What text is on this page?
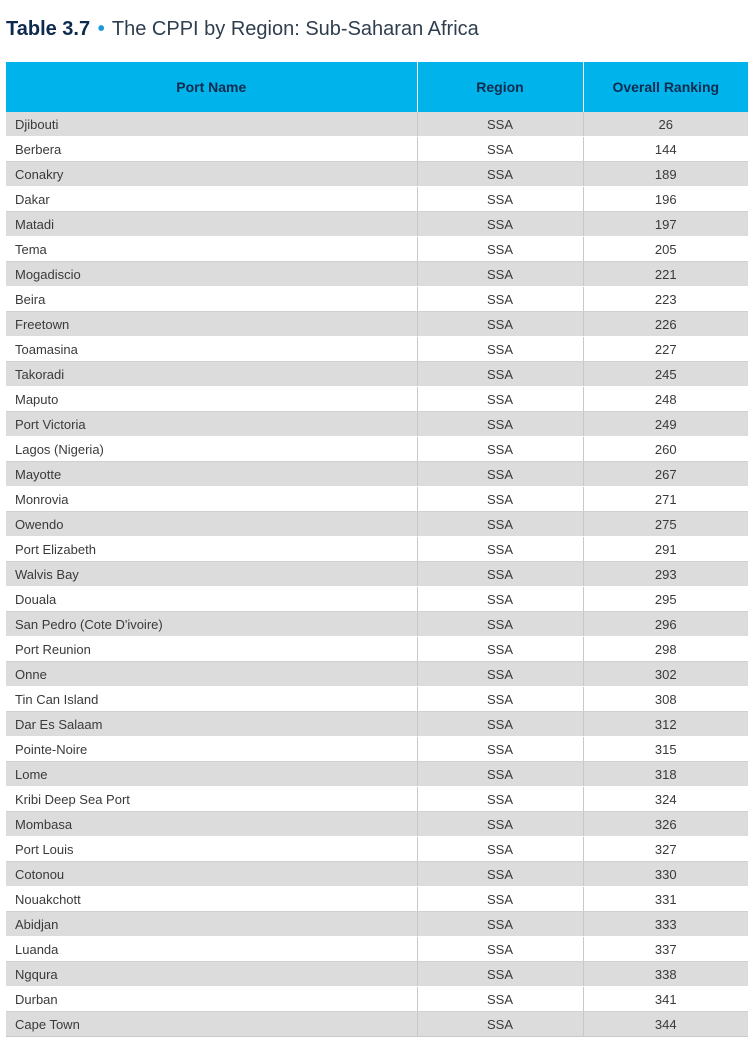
Table 3.7 • The CPPI by Region: Sub-Saharan Africa
Port Name	Region	Overall Ranking
Djibouti	SSA	26
Berbera	SSA	144
Conakry	SSA	189
Dakar	SSA	196
Matadi	SSA	197
Tema	SSA	205
Mogadiscio	SSA	221
Beira	SSA	223
Freetown	SSA	226
Toamasina	SSA	227
Takoradi	SSA	245
Maputo	SSA	248
Port Victoria	SSA	249
Lagos (Nigeria)	SSA	260
Mayotte	SSA	267
Monrovia	SSA	271
Owendo	SSA	275
Port Elizabeth	SSA	291
Walvis Bay	SSA	293
Douala	SSA	295
San Pedro (Cote D'ivoire)	SSA	296
Port Reunion	SSA	298
Onne	SSA	302
Tin Can Island	SSA	308
Dar Es Salaam	SSA	312
Pointe-Noire	SSA	315
Lome	SSA	318
Kribi Deep Sea Port	SSA	324
Mombasa	SSA	326
Port Louis	SSA	327
Cotonou	SSA	330
Nouakchott	SSA	331
Abidjan	SSA	333
Luanda	SSA	337
Ngqura	SSA	338
Durban	SSA	341
Cape Town	SSA	344
